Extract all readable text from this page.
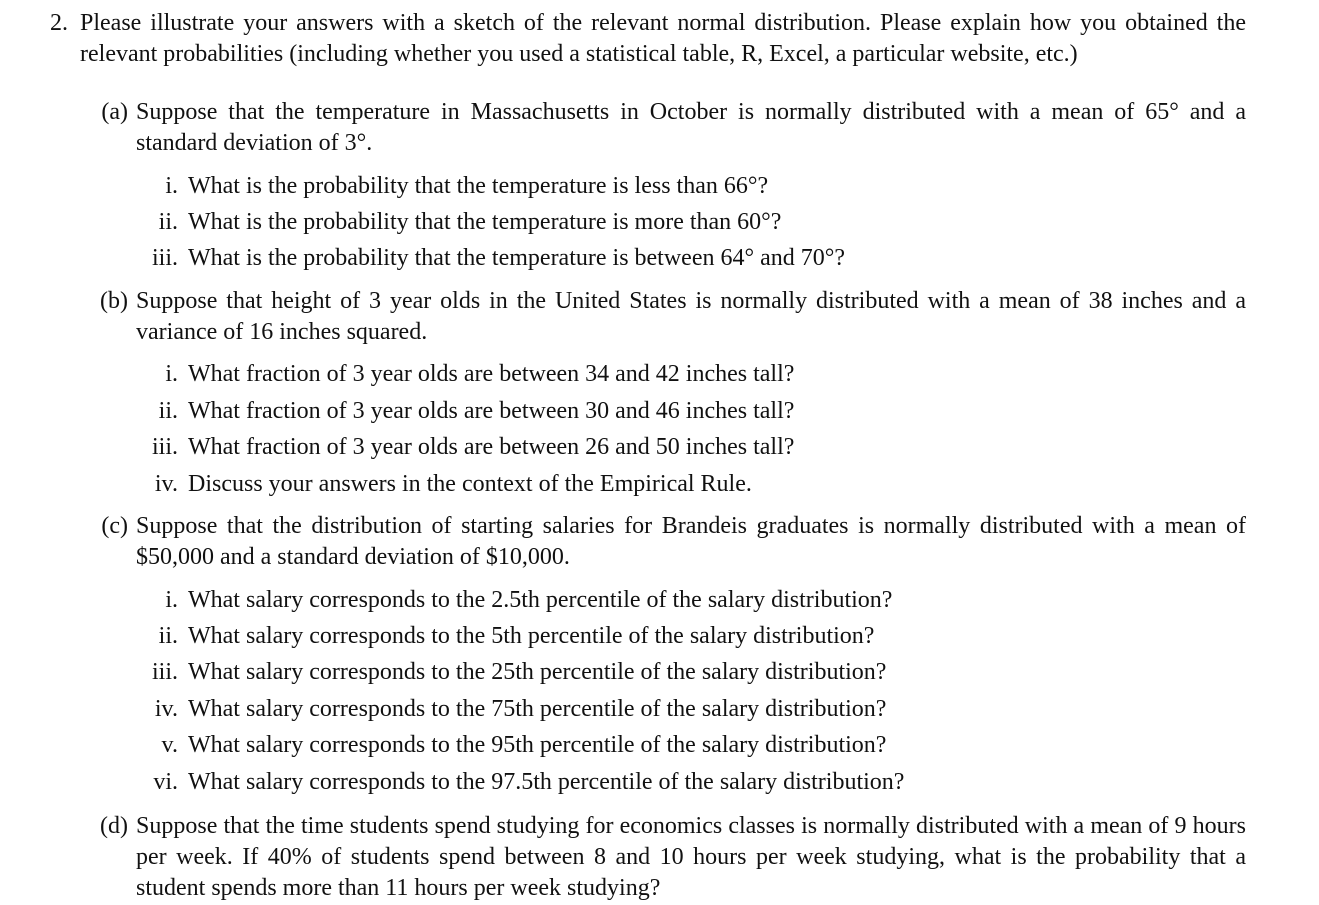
2. Please illustrate your answers with a sketch of the relevant normal distribution. Please explain how you obtained the relevant probabilities (including whether you used a statistical table, R, Excel, a particular website, etc.)
(a) Suppose that the temperature in Massachusetts in October is normally distributed with a mean of 65° and a standard deviation of 3°.
i. What is the probability that the temperature is less than 66°?
ii. What is the probability that the temperature is more than 60°?
iii. What is the probability that the temperature is between 64° and 70°?
(b) Suppose that height of 3 year olds in the United States is normally distributed with a mean of 38 inches and a variance of 16 inches squared.
i. What fraction of 3 year olds are between 34 and 42 inches tall?
ii. What fraction of 3 year olds are between 30 and 46 inches tall?
iii. What fraction of 3 year olds are between 26 and 50 inches tall?
iv. Discuss your answers in the context of the Empirical Rule.
(c) Suppose that the distribution of starting salaries for Brandeis graduates is normally distributed with a mean of $50,000 and a standard deviation of $10,000.
i. What salary corresponds to the 2.5th percentile of the salary distribution?
ii. What salary corresponds to the 5th percentile of the salary distribution?
iii. What salary corresponds to the 25th percentile of the salary distribution?
iv. What salary corresponds to the 75th percentile of the salary distribution?
v. What salary corresponds to the 95th percentile of the salary distribution?
vi. What salary corresponds to the 97.5th percentile of the salary distribution?
(d) Suppose that the time students spend studying for economics classes is normally distributed with a mean of 9 hours per week. If 40% of students spend between 8 and 10 hours per week studying, what is the probability that a student spends more than 11 hours per week studying?
